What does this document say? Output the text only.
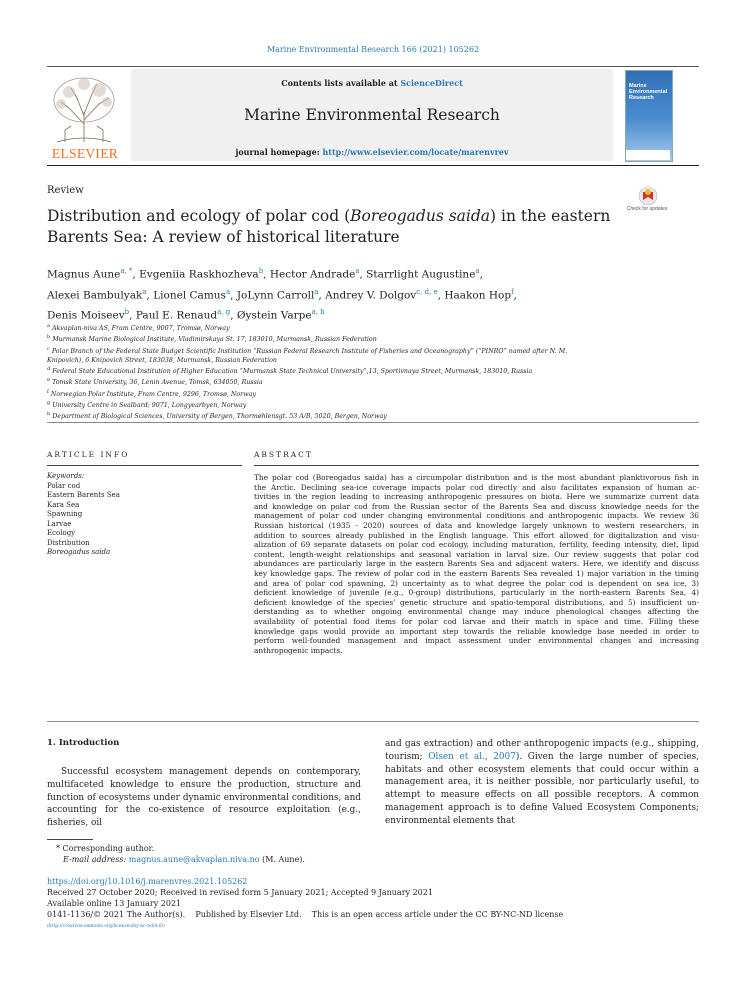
Marine Environmental Research 166 (2021) 105262
ELSEVIER
Contents lists available at ScienceDirect
Marine Environmental Research
journal homepage: http://www.elsevier.com/locate/marenvrev
Marine Environmental Research
Review
Check for updates
Distribution and ecology of polar cod (Boreogadus saida) in the eastern Barents Sea: A review of historical literature
Magnus Aune$^{a, *}$, Evgeniia Raskhozheva$^b$, Hector Andrade$^a$, Starrlight Augustine$^a$,
Alexei Bambulyak$^a$, Lionel Camus$^a$, JoLynn Carroll$^a$, Andrey V. Dolgov$^{c, d, e}$, Haakon Hop$^f$,
Denis Moiseev$^b$, Paul E. Renaud$^{a, g}$, Øystein Varpe$^{a, h}$
$^a$ Akvaplan-niva AS, Fram Centre, 9007, Tromsø, Norway
$^b$ Murmansk Marine Biological Institute, Vladimirskaya St. 17, 183010, Murmansk, Russian Federation
$^c$ Polar Branch of the Federal State Budget Scientific Institution “Russian Federal Research Institute of Fisheries and Oceanography” (“PINRO” named after N. M.
Knipovich), 6 Knipovich Street, 183038, Murmansk, Russian Federation
$^d$ Federal State Educational Institution of Higher Education “Murmansk State Technical University”,13, Sportivnaya Street, Murmansk, 183010, Russia
$^e$ Tomsk State University, 36, Lenin Avenue, Tomsk, 634050, Russia
$^f$ Norwegian Polar Institute, Fram Centre, 9296, Tromsø, Norway
$^g$ University Centre in Svalbard; 9071, Longyearbyen, Norway
$^h$ Department of Biological Sciences, University of Bergen, Thormøhlensgt. 53 A/B, 5020, Bergen, Norway
ARTICLE INFO
Keywords:
Polar cod
Eastern Barents Sea
Kara Sea
Spawning
Larvae
Ecology
Distribution
Boreogadus saida
ABSTRACT
The polar cod (Boreogadus saida) has a circumpolar distribution and is the most abundant planktivorous fish in
the Arctic. Declining sea-ice coverage impacts polar cod directly and also facilitates expansion of human ac-
tivities in the region leading to increasing anthropogenic pressures on biota. Here we summarize current data
and knowledge on polar cod from the Russian sector of the Barents Sea and discuss knowledge needs for the
management of polar cod under changing environmental conditions and anthropogenic impacts. We review 36
Russian historical (1935 - 2020) sources of data and knowledge largely unknown to western researchers, in
addition to sources already published in the English language. This effort allowed for digitalization and visu-
alization of 69 separate datasets on polar cod ecology, including maturation, fertility, feeding intensity, diet, lipid
content, length-weight relationships and seasonal variation in larval size. Our review suggests that polar cod
abundances are particularly large in the eastern Barents Sea and adjacent waters. Here, we identify and discuss
key knowledge gaps. The review of polar cod in the eastern Barents Sea revealed 1) major variation in the timing
and area of polar cod spawning, 2) uncertainty as to what degree the polar cod is dependent on sea ice, 3)
deficient knowledge of juvenile (e.g., 0-group) distributions, particularly in the north-eastern Barents Sea, 4)
deficient knowledge of the species' genetic structure and spatio-temporal distributions, and 5) insufficient un-
derstanding as to whether ongoing environmental change may induce phenological changes affecting the
availability of potential food items for polar cod larvae and their match in space and time. Filling these
knowledge gaps would provide an important step towards the reliable knowledge base needed in order to
perform well-founded management and impact assessment under environmental changes and increasing
anthropogenic impacts.
1. Introduction
Successful ecosystem management depends on contemporary, multifaceted knowledge to ensure the production, structure and function of ecosystems under dynamic environmental conditions, and accounting for the co-existence of resource exploitation (e.g., fisheries, oil
and gas extraction) and other anthropogenic impacts (e.g., shipping, tourism; Olsen et al., 2007). Given the large number of species, habitats and other ecosystem elements that could occur within a management area, it is neither possible, nor particularly useful, to attempt to measure effects on all possible receptors. A common management approach is to define Valued Ecosystem Components; environmental elements that
* Corresponding author.
E-mail address: magnus.aune@akvaplan.niva.no (M. Aune).
https://doi.org/10.1016/j.marenvres.2021.105262
Received 27 October 2020; Received in revised form 5 January 2021; Accepted 9 January 2021
Available online 13 January 2021
0141-1136/© 2021 The Author(s).    Published by Elsevier Ltd.    This is an open access article under the CC BY-NC-ND license
(http://creativecommons.org/licenses/by-nc-nd/4.0/)
